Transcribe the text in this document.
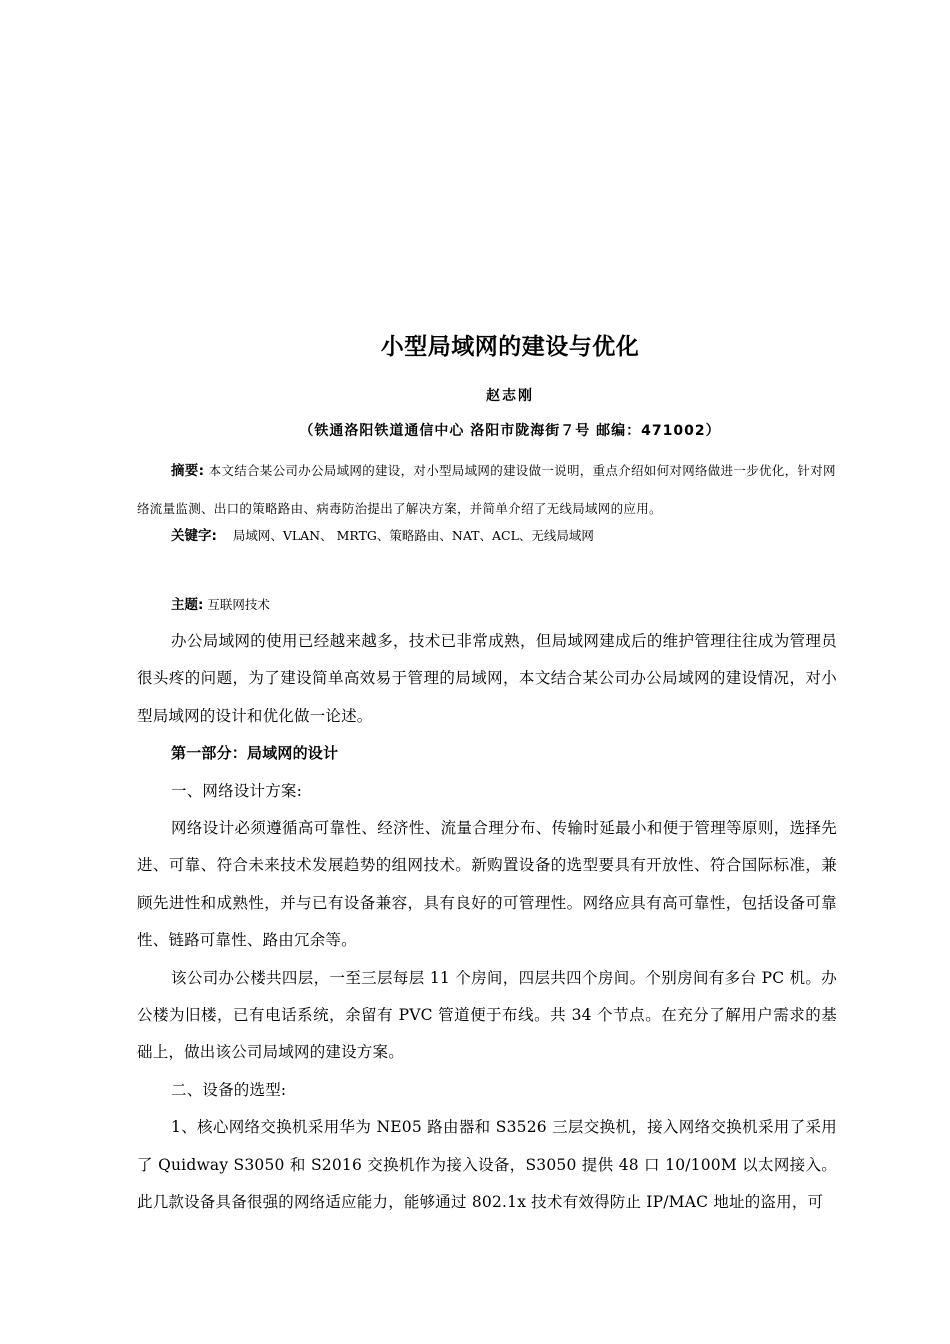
小型局域网的建设与优化
赵志刚
（铁通洛阳铁道通信中心 洛阳市陇海街７号 邮编：471002）
摘要: 本文结合某公司办公局域网的建设，对小型局域网的建设做一说明，重点介绍如何对网络做进一步优化，针对网络流量监测、出口的策略路由、病毒防治提出了解决方案，并简单介绍了无线局域网的应用。
关键字: 局域网、VLAN、 MRTG、策略路由、NAT、ACL、无线局域网
主题: 互联网技术

办公局域网的使用已经越来越多，技术已非常成熟，但局域网建成后的维护管理往往成为管理员很头疼的问题，为了建设简单高效易于管理的局域网，本文结合某公司办公局域网的建设情况，对小型局域网的设计和优化做一论述。

第一部分：局域网的设计

一、网络设计方案:

网络设计必须遵循高可靠性、经济性、流量合理分布、传输时延最小和便于管理等原则，选择先进、可靠、符合未来技术发展趋势的组网技术。新购置设备的选型要具有开放性、符合国际标准，兼顾先进性和成熟性，并与已有设备兼容，具有良好的可管理性。网络应具有高可靠性，包括设备可靠性、链路可靠性、路由冗余等。

该公司办公楼共四层，一至三层每层 11 个房间，四层共四个房间。个别房间有多台 PC 机。办公楼为旧楼，已有电话系统，余留有 PVC 管道便于布线。共 34 个节点。在充分了解用户需求的基础上，做出该公司局域网的建设方案。

二、设备的选型:

1、核心网络交换机采用华为 NE05 路由器和 S3526 三层交换机，接入网络交换机采用了采用了 Quidway S3050 和 S2016 交换机作为接入设备，S3050 提供 48 口 10/100M 以太网接入。此几款设备具备很强的网络适应能力，能够通过 802.1x 技术有效得防止 IP/MAC 地址的盗用，可
